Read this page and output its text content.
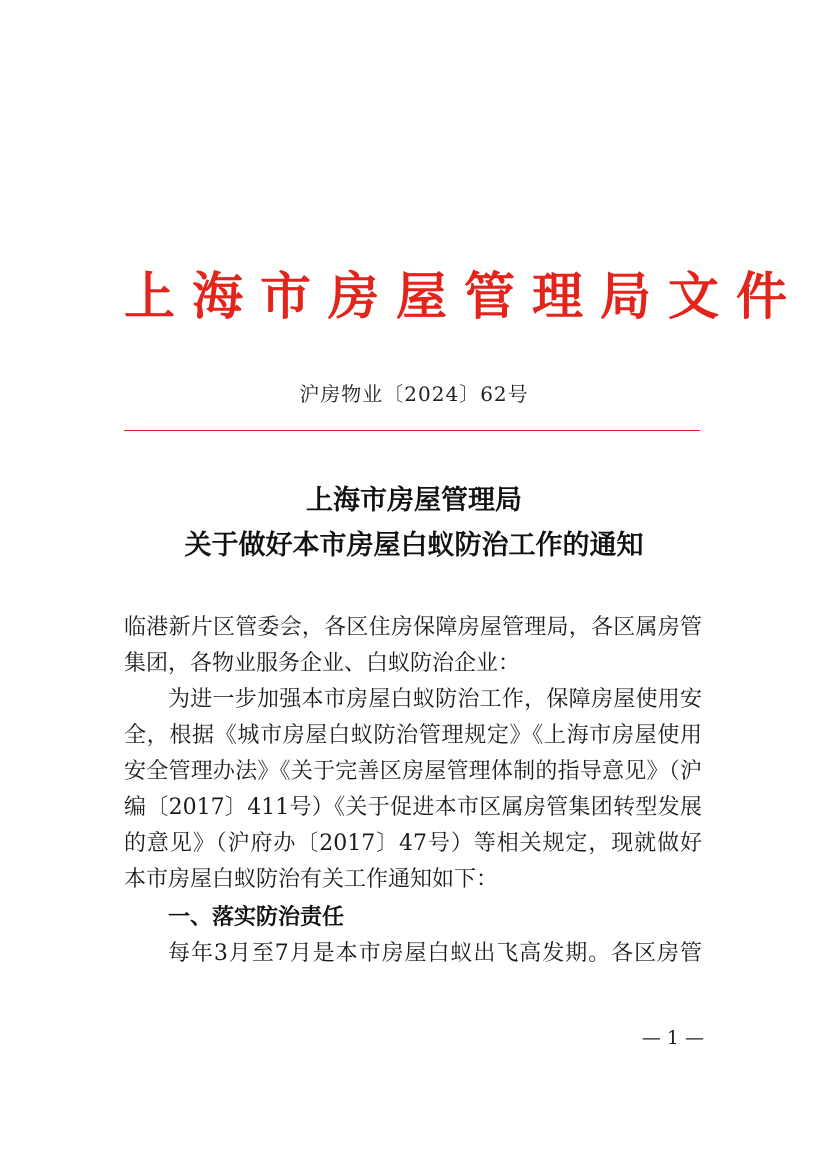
上海市房屋管理局文件
沪房物业〔2024〕62号
上海市房屋管理局
关于做好本市房屋白蚁防治工作的通知

临港新片区管委会，各区住房保障房屋管理局，各区属房管集团，各物业服务企业、白蚁防治企业：

为进一步加强本市房屋白蚁防治工作，保障房屋使用安全，根据《城市房屋白蚁防治管理规定》《上海市房屋使用安全管理办法》《关于完善区房屋管理体制的指导意见》（沪编〔2017〕411号）《关于促进本市区属房管集团转型发展的意见》（沪府办〔2017〕47号）等相关规定，现就做好本市房屋白蚁防治有关工作通知如下：

一、落实防治责任

每年3月至7月是本市房屋白蚁出飞高发期。各区房管

— 1 —
